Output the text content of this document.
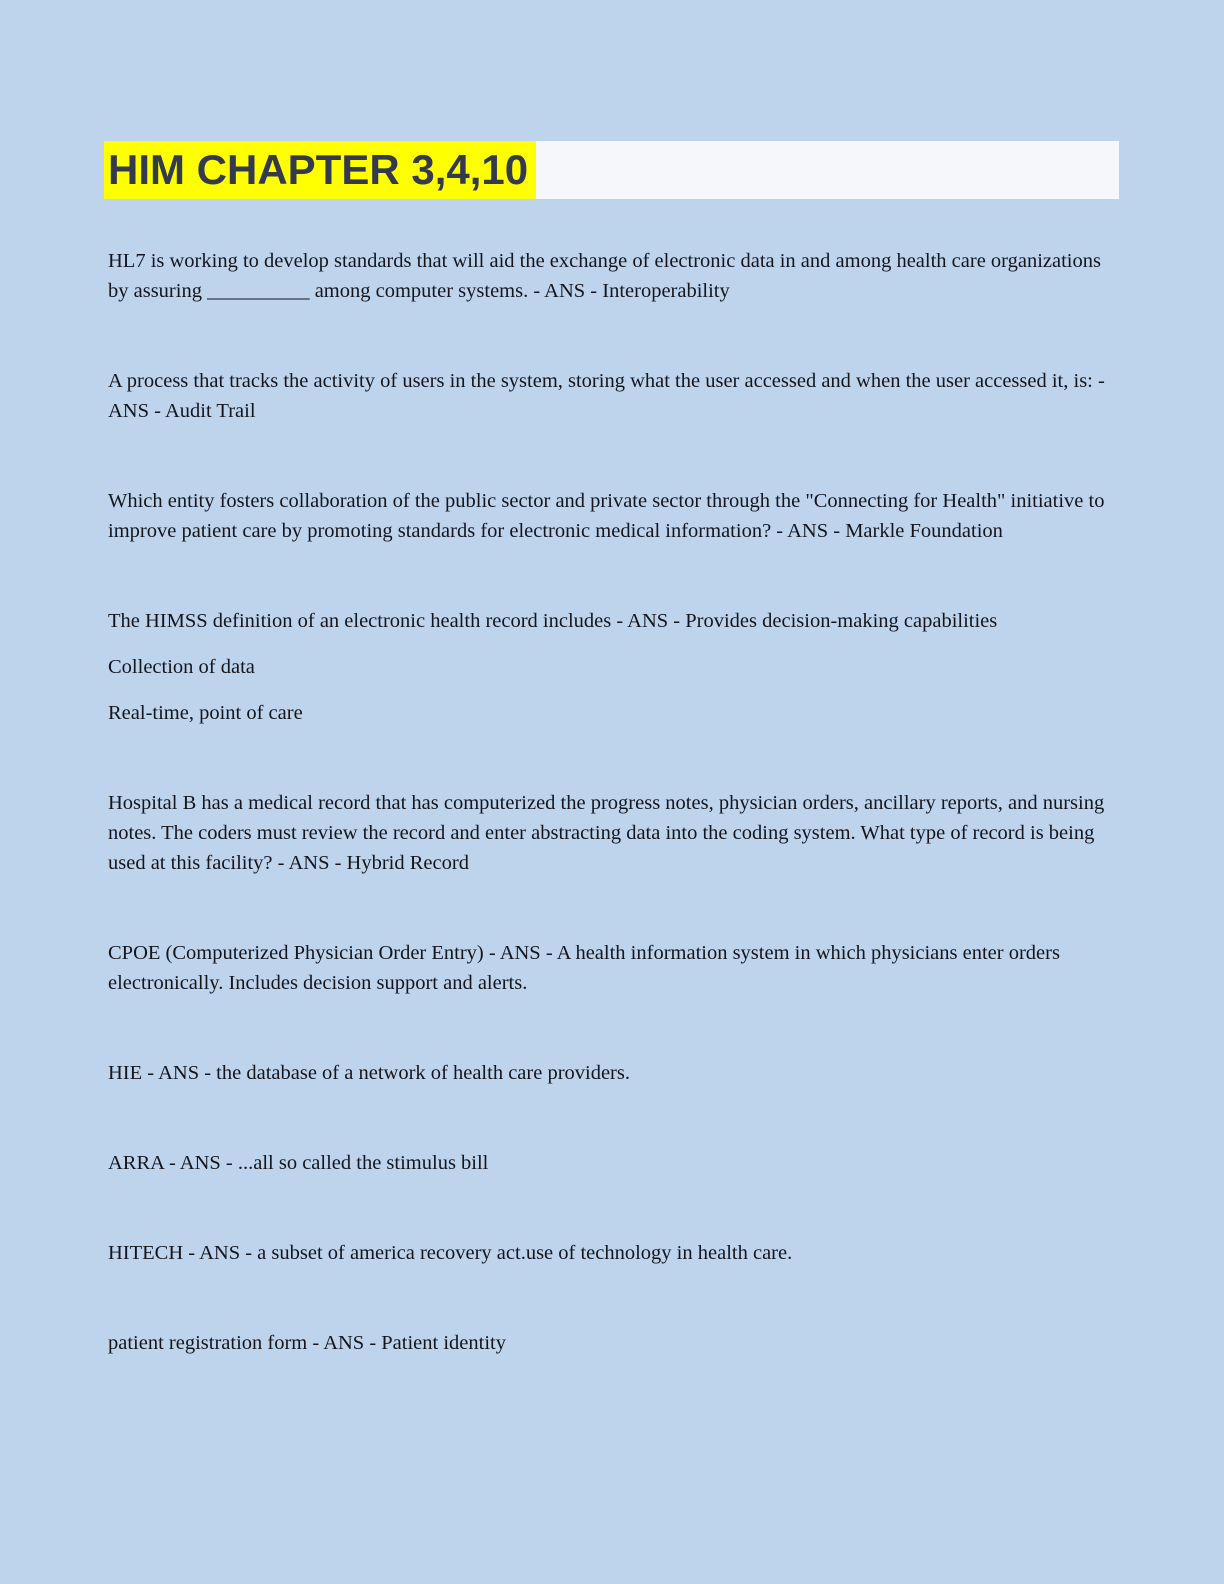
HIM CHAPTER 3,4,10

HL7 is working to develop standards that will aid the exchange of electronic data in and among health care organizations by assuring __________ among computer systems. - ANS - Interoperability

A process that tracks the activity of users in the system, storing what the user accessed and when the user accessed it, is: - ANS - Audit Trail

Which entity fosters collaboration of the public sector and private sector through the "Connecting for Health" initiative to improve patient care by promoting standards for electronic medical information? - ANS - Markle Foundation

The HIMSS definition of an electronic health record includes - ANS - Provides decision-making capabilities

Collection of data

Real-time, point of care

Hospital B has a medical record that has computerized the progress notes, physician orders, ancillary reports, and nursing notes. The coders must review the record and enter abstracting data into the coding system. What type of record is being used at this facility? - ANS - Hybrid Record

CPOE (Computerized Physician Order Entry) - ANS - A health information system in which physicians enter orders electronically. Includes decision support and alerts.

HIE - ANS - the database of a network of health care providers.

ARRA - ANS - ...all so called the stimulus bill

HITECH - ANS - a subset of america recovery act.use of technology in health care.

patient registration form - ANS - Patient identity
